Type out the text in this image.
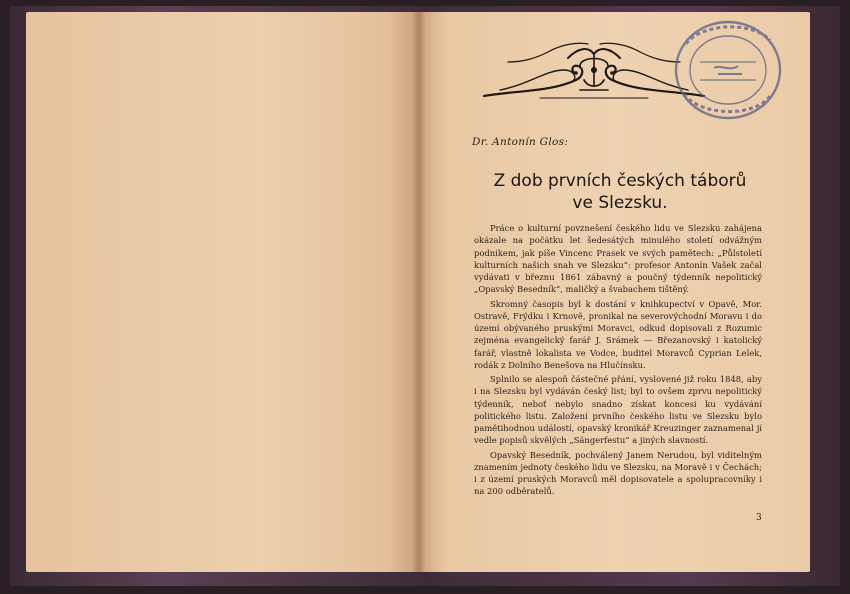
Dr. Antonín Glos:
Z dob prvních českých táborů
ve Slezsku.

Práce o kulturní povznešení českého lidu ve Slezsku zahájena okázale na počátku let šedesátých minulého století odvážným podnikem, jak píše Vincenc Prasek ve svých pamětech: „Půlstoletí kulturních našich snah ve Slezsku“: profesor Antonín Vašek začal vydávati v březnu 1861 zábavný a poučný týdenník nepolitický „Opavský Besedník“, maličký a švabachem tištěný.

Skromný časopis byl k dostání v knihkupectví v Opavě, Mor. Ostravě, Frýdku i Krnově, pronikal na severovýchodní Moravu i do území obývaného pruskými Moravci, odkud dopisovali z Rozumic zejména evangelický farář J. Srámek — Březanovský i katolický farář, vlastně lokalista ve Vodce, buditel Moravců Cyprian Lelek, rodák z Dolního Benešova na Hlučínsku.

Splnilo se alespoň částečné přání, vyslovené již roku 1848, aby i na Slezsku byl vydáván český list; byl to ovšem zprvu nepolitický týdenník, neboť nebylo snadno získat koncesi ku vydávání politického listu. Založení prvního českého listu ve Slezsku bylo pamětihodnou událostí, opavský kronikář Kreuzinger zaznamenal jí vedle popisů skvělých „Sängerfestu“ a jiných slavností.

Opavský Besedník, pochválený Janem Nerudou, byl viditelným znamením jednoty českého lidu ve Slezsku, na Moravě i v Čechách; i z území pruských Moravců měl dopisovatele a spolupracovníky i na 200 odběratelů.

3
